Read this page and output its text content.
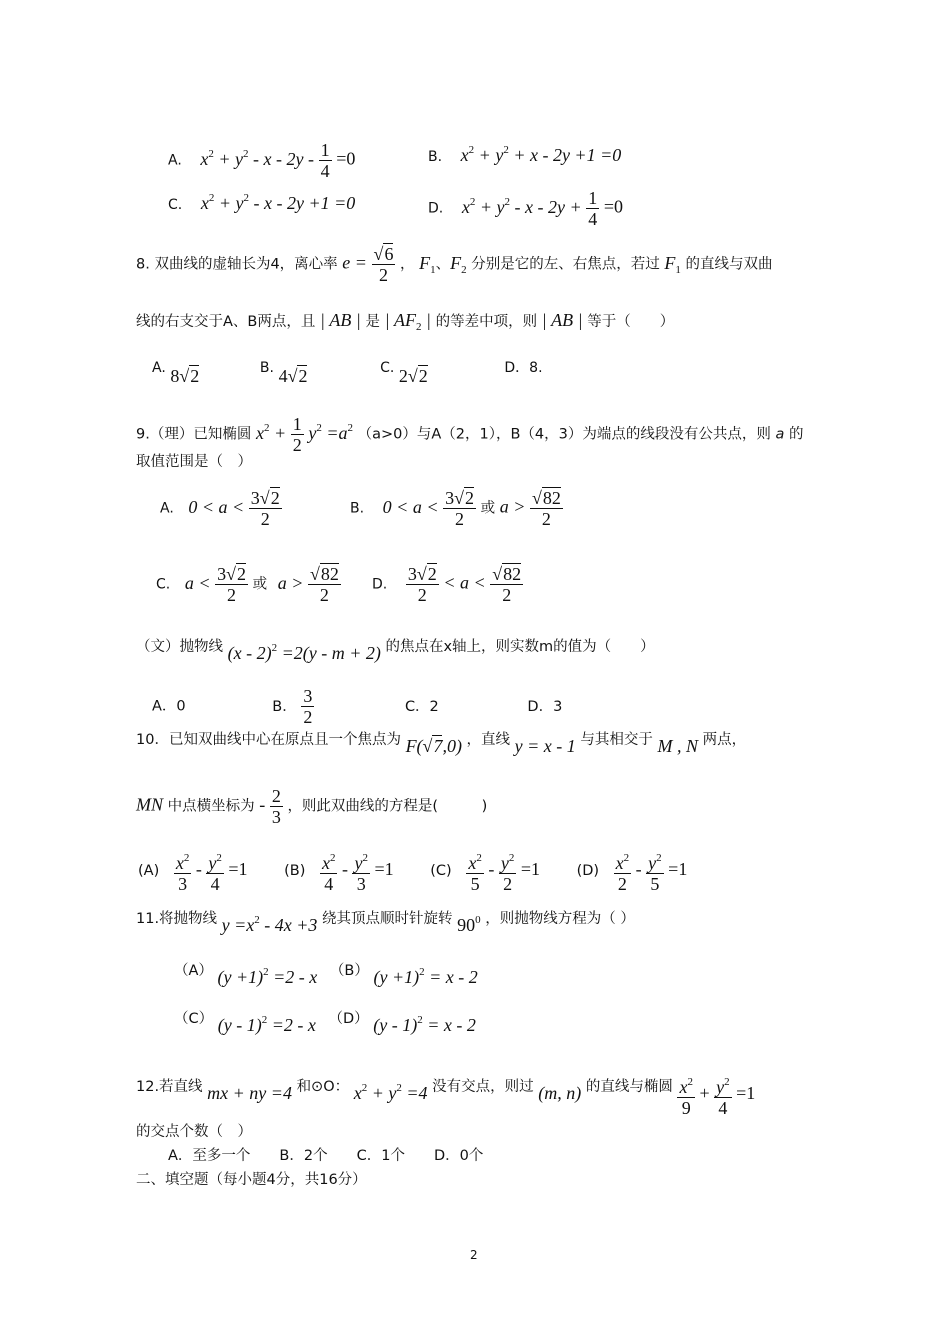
A. $x^2 + y^2 - x - 2y - \frac{1}{4} =0$	B. $x^2 + y^2 + x - 2y +1 =0$
C. $x^2 + y^2 - x - 2y +1 =0$	D. $x^2 + y^2 - x - 2y + \frac{1}{4} =0$
8. 双曲线的虚轴长为4，离心率 $e = \frac{√6}{2}$ ， $F_1$、$F_2$ 分别是它的左、右焦点，若过 $F_1$ 的直线与双曲
线的右支交于A、B两点，且 | AB | 是 | $AF_2$ | 的等差中项，则 | AB | 等于（　　）
A. 8√2	B. 4√2	C. 2√2	D．8.
9.（理）已知椭圆 $x^2 + \frac{1}{2} y^2 =a^2$ （a>0）与A（2，1），B（4，3）为端点的线段没有公共点，则 a 的
取值范围是（　）
A. $0 < a < \frac{3√2}{2}$	B. $0 < a < \frac{3√2}{2}$ 或 $a > \frac{√82}{2}$
C. $a < \frac{3√2}{2}$ 或 $a > \frac{√82}{2} D$. $\frac{3√2}{2} < a < \frac{√82}{2}$
（文）抛物线 (x - 2)$^2$ =2(y - m + 2) 的焦点在x轴上，则实数m的值为（　　）
A．0	B． $\frac{3}{2}$	C．2	D．3
10．已知双曲线中心在原点且一个焦点为 F(√7,0) ，直线 y = x - 1 与其相交于 M , N 两点，
MN 中点横坐标为 - $\frac{2}{3}$ ，则此双曲线的方程是(　　　)
$(A) \frac{x^2}{3} - \frac{y^2}{4} =1$	$(B) \frac{x^2}{4} - \frac{y^2}{3} =1$	$(C) \frac{x^2}{5} - \frac{y^2}{2} =1$	$(D) \frac{x^2}{2} - \frac{y^2}{5} =1$
11.将抛物线 $y =x^2 - 4x +3$ 绕其顶点顺时针旋转 $90^0$ ，则抛物线方程为（ ）
（A） $(y +1)^2 =2 - x$ （B） $(y +1)^2 = x - 2$
（C） (y - 1)$^2$ =2 - x （D） (y - 1)$^2$ = x - 2
12.若直线 mx + ny =4 和⊙O： $x^2 + y^2 =4$ 没有交点，则过 (m, n) 的直线与椭圆 $\frac{x^2}{9} + \frac{y^2}{4} =1$
的交点个数（　）
A．至多一个　　B．2个　　C．1个　　D．0个
二、填空题（每小题4分，共16分）
2
